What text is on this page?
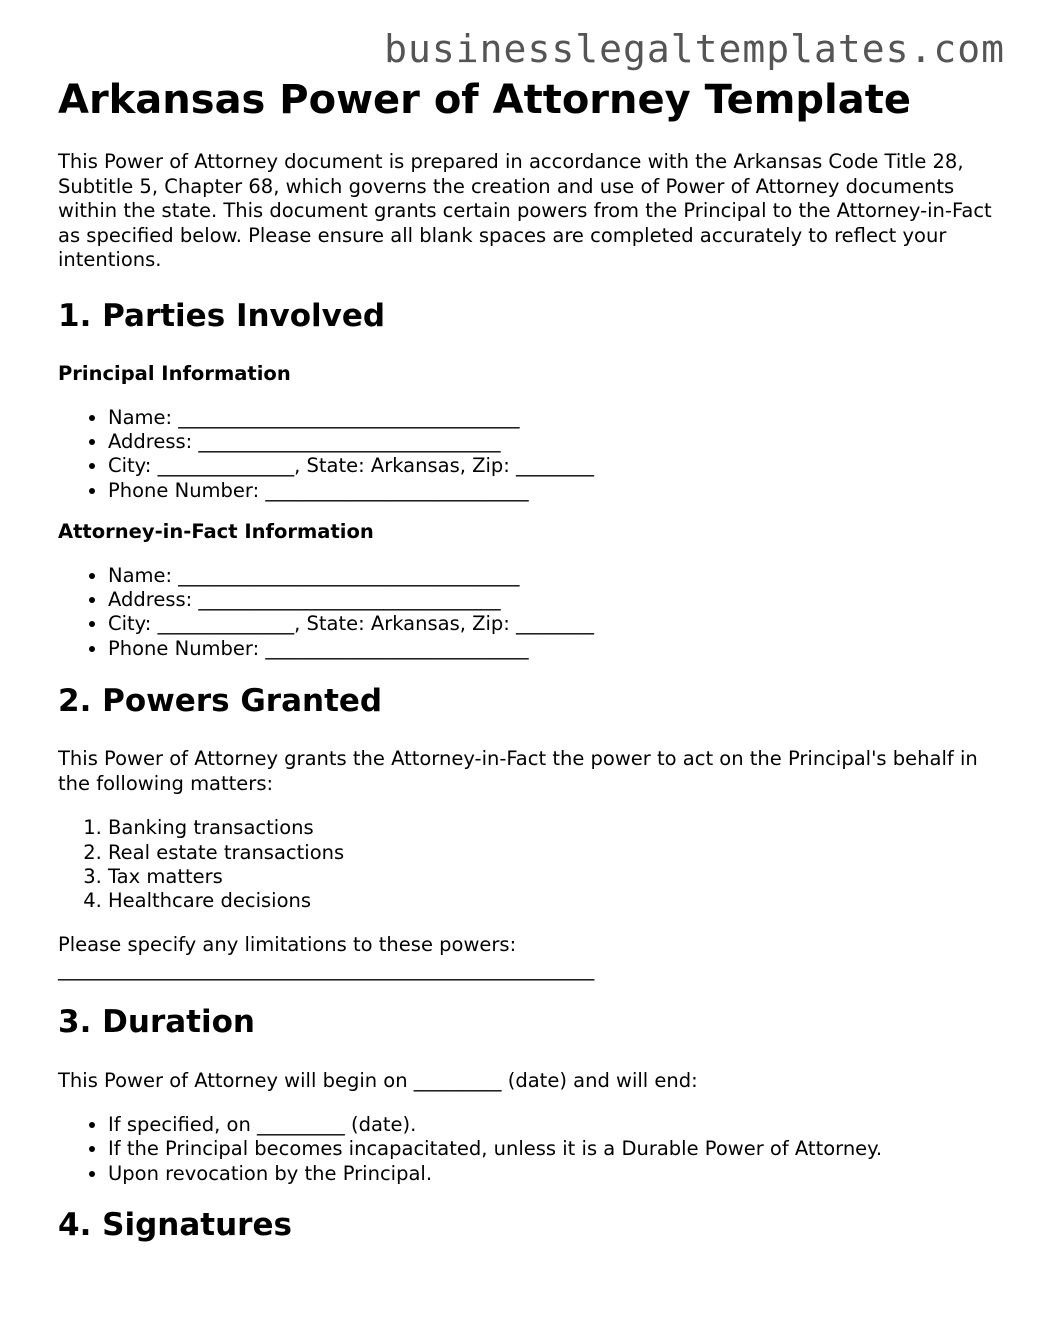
businesslegaltemplates.com
Arkansas Power of Attorney Template

This Power of Attorney document is prepared in accordance with the Arkansas Code Title 28, Subtitle 5, Chapter 68, which governs the creation and use of Power of Attorney documents within the state. This document grants certain powers from the Principal to the Attorney-in-Fact as specified below. Please ensure all blank spaces are completed accurately to reflect your intentions.

1. Parties Involved
Principal Information
• Name: ___________________________________
• Address: _______________________________
• City: ______________, State: Arkansas, Zip: ________
• Phone Number: ___________________________
Attorney-in-Fact Information
• Name: ___________________________________
• Address: _______________________________
• City: ______________, State: Arkansas, Zip: ________
• Phone Number: ___________________________
2. Powers Granted

This Power of Attorney grants the Attorney-in-Fact the power to act on the Principal's behalf in the following matters:

1. Banking transactions
2. Real estate transactions
3. Tax matters
4. Healthcare decisions

Please specify any limitations to these powers:
_______________________________________________________

3. Duration

This Power of Attorney will begin on _________ (date) and will end:

• If specified, on _________ (date).
• If the Principal becomes incapacitated, unless it is a Durable Power of Attorney.
• Upon revocation by the Principal.
4. Signatures
